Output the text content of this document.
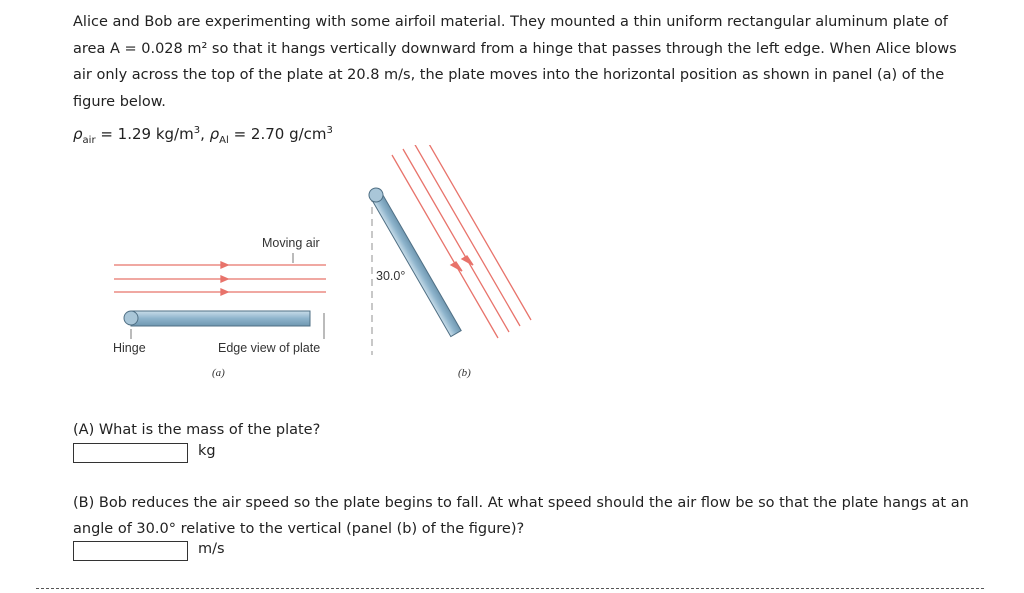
Alice and Bob are experimenting with some airfoil material. They mounted a thin uniform rectangular aluminum plate of area A = 0.028 m² so that it hangs vertically downward from a hinge that passes through the left edge. When Alice blows air only across the top of the plate at 20.8 m/s, the plate moves into the horizontal position as shown in panel (a) of the figure below.

$\rho_{air} = 1.29$ $kg/m^3$, $\rho_{Al} = 2.70$ $g/cm^3$

Moving air
Hinge	Edge view of plate
(a)
30.0°
(b)
(A) What is the mass of the plate?
kg
(B) Bob reduces the air speed so the plate begins to fall. At what speed should the air flow be so that the plate hangs at an angle of 30.0° relative to the vertical (panel (b) of the figure)?
m/s
